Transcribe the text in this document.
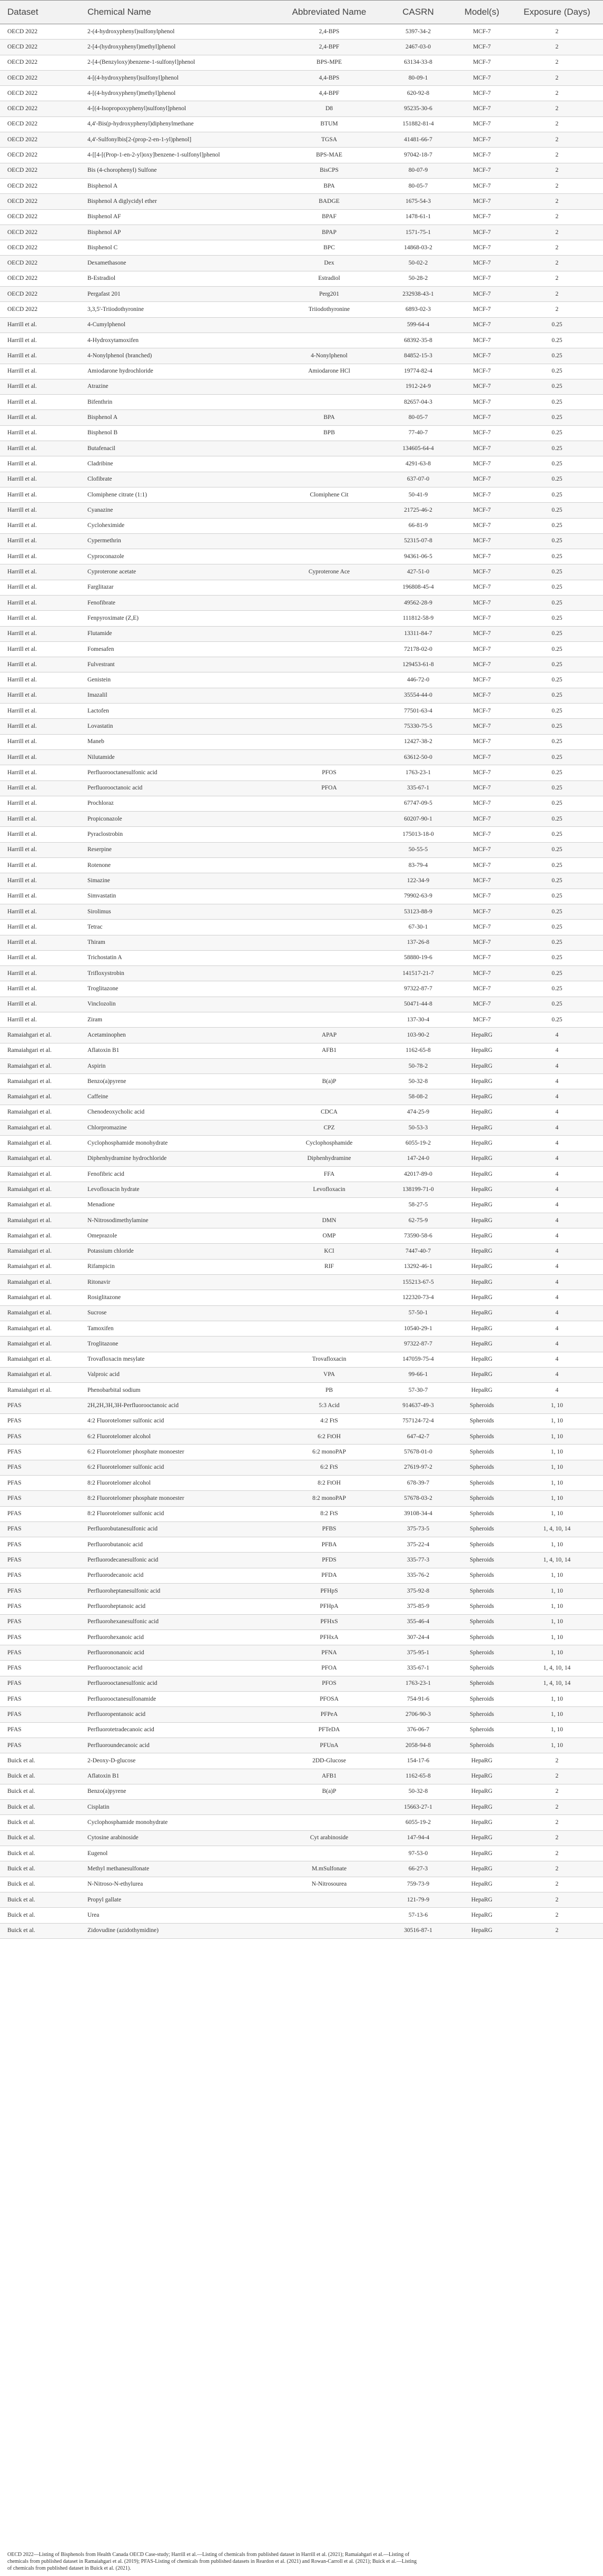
Dataset	Chemical Name	Abbreviated Name	CASRN	Model(s)	Exposure (Days)
OECD 2022	2-(4-hydroxyphenyl)sulfonylphenol	2,4-BPS	5397-34-2	MCF-7	2
OECD 2022	2-[4-(hydroxyphenyl)methyl]phenol	2,4-BPF	2467-03-0	MCF-7	2
OECD 2022	2-[4-(Benzyloxy)benzene-1-sulfonyl]phenol	BPS-MPE	63134-33-8	MCF-7	2
OECD 2022	4-[(4-hydroxyphenyl)sulfonyl]phenol	4,4-BPS	80-09-1	MCF-7	2
OECD 2022	4-[(4-hydroxyphenyl)methyl]phenol	4,4-BPF	620-92-8	MCF-7	2
OECD 2022	4-[(4-Isopropoxyphenyl)sulfonyl]phenol	D8	95235-30-6	MCF-7	2
OECD 2022	4,4'-Bis(p-hydroxyphenyl)diphenylmethane	BTUM	151882-81-4	MCF-7	2
OECD 2022	4,4'-Sulfonylbis[2-(prop-2-en-1-yl)phenol]	TGSA	41481-66-7	MCF-7	2
OECD 2022	4-[[4-[(Prop-1-en-2-yl)oxy]benzene-1-sulfonyl]phenol	BPS-MAE	97042-18-7	MCF-7	2
OECD 2022	Bis (4-chorophenyl) Sulfone	BisCPS	80-07-9	MCF-7	2
OECD 2022	Bisphenol A	BPA	80-05-7	MCF-7	2
OECD 2022	Bisphenol A diglycidyl ether	BADGE	1675-54-3	MCF-7	2
OECD 2022	Bisphenol AF	BPAF	1478-61-1	MCF-7	2
OECD 2022	Bisphenol AP	BPAP	1571-75-1	MCF-7	2
OECD 2022	Bisphenol C	BPC	14868-03-2	MCF-7	2
OECD 2022	Dexamethasone	Dex	50-02-2	MCF-7	2
OECD 2022	B-Estradiol	Estradiol	50-28-2	MCF-7	2
OECD 2022	Pergafast 201	Perg201	232938-43-1	MCF-7	2
OECD 2022	3,3,5'-Triiodothyronine	Triiodothyronine	6893-02-3	MCF-7	2
Harrill et al.	4-Cumylphenol		599-64-4	MCF-7	0.25
Harrill et al.	4-Hydroxytamoxifen		68392-35-8	MCF-7	0.25
Harrill et al.	4-Nonylphenol (branched)	4-Nonylphenol	84852-15-3	MCF-7	0.25
Harrill et al.	Amiodarone hydrochloride	Amiodarone HCl	19774-82-4	MCF-7	0.25
Harrill et al.	Atrazine		1912-24-9	MCF-7	0.25
Harrill et al.	Bifenthrin		82657-04-3	MCF-7	0.25
Harrill et al.	Bisphenol A	BPA	80-05-7	MCF-7	0.25
Harrill et al.	Bisphenol B	BPB	77-40-7	MCF-7	0.25
Harrill et al.	Butafenacil		134605-64-4	MCF-7	0.25
Harrill et al.	Cladribine		4291-63-8	MCF-7	0.25
Harrill et al.	Clofibrate		637-07-0	MCF-7	0.25
Harrill et al.	Clomiphene citrate (1:1)	Clomiphene Cit	50-41-9	MCF-7	0.25
Harrill et al.	Cyanazine		21725-46-2	MCF-7	0.25
Harrill et al.	Cycloheximide		66-81-9	MCF-7	0.25
Harrill et al.	Cypermethrin		52315-07-8	MCF-7	0.25
Harrill et al.	Cyproconazole		94361-06-5	MCF-7	0.25
Harrill et al.	Cyproterone acetate	Cyproterone Ace	427-51-0	MCF-7	0.25
Harrill et al.	Farglitazar		196808-45-4	MCF-7	0.25
Harrill et al.	Fenofibrate		49562-28-9	MCF-7	0.25
Harrill et al.	Fenpyroximate (Z,E)		111812-58-9	MCF-7	0.25
Harrill et al.	Flutamide		13311-84-7	MCF-7	0.25
Harrill et al.	Fomesafen		72178-02-0	MCF-7	0.25
Harrill et al.	Fulvestrant		129453-61-8	MCF-7	0.25
Harrill et al.	Genistein		446-72-0	MCF-7	0.25
Harrill et al.	Imazalil		35554-44-0	MCF-7	0.25
Harrill et al.	Lactofen		77501-63-4	MCF-7	0.25
Harrill et al.	Lovastatin		75330-75-5	MCF-7	0.25
Harrill et al.	Maneb		12427-38-2	MCF-7	0.25
Harrill et al.	Nilutamide		63612-50-0	MCF-7	0.25
Harrill et al.	Perfluorooctanesulfonic acid	PFOS	1763-23-1	MCF-7	0.25
Harrill et al.	Perfluorooctanoic acid	PFOA	335-67-1	MCF-7	0.25
Harrill et al.	Prochloraz		67747-09-5	MCF-7	0.25
Harrill et al.	Propiconazole		60207-90-1	MCF-7	0.25
Harrill et al.	Pyraclostrobin		175013-18-0	MCF-7	0.25
Harrill et al.	Reserpine		50-55-5	MCF-7	0.25
Harrill et al.	Rotenone		83-79-4	MCF-7	0.25
Harrill et al.	Simazine		122-34-9	MCF-7	0.25
Harrill et al.	Simvastatin		79902-63-9	MCF-7	0.25
Harrill et al.	Sirolimus		53123-88-9	MCF-7	0.25
Harrill et al.	Tetrac		67-30-1	MCF-7	0.25
Harrill et al.	Thiram		137-26-8	MCF-7	0.25
Harrill et al.	Trichostatin A		58880-19-6	MCF-7	0.25
Harrill et al.	Trifloxystrobin		141517-21-7	MCF-7	0.25
Harrill et al.	Troglitazone		97322-87-7	MCF-7	0.25
Harrill et al.	Vinclozolin		50471-44-8	MCF-7	0.25
Harrill et al.	Ziram		137-30-4	MCF-7	0.25
Ramaiahgari et al.	Acetaminophen	APAP	103-90-2	HepaRG	4
Ramaiahgari et al.	Aflatoxin B1	AFB1	1162-65-8	HepaRG	4
Ramaiahgari et al.	Aspirin		50-78-2	HepaRG	4
Ramaiahgari et al.	Benzo(a)pyrene	B(a)P	50-32-8	HepaRG	4
Ramaiahgari et al.	Caffeine		58-08-2	HepaRG	4
Ramaiahgari et al.	Chenodeoxycholic acid	CDCA	474-25-9	HepaRG	4
Ramaiahgari et al.	Chlorpromazine	CPZ	50-53-3	HepaRG	4
Ramaiahgari et al.	Cyclophosphamide monohydrate	Cyclophosphamide	6055-19-2	HepaRG	4
Ramaiahgari et al.	Diphenhydramine hydrochloride	Diphenhydramine	147-24-0	HepaRG	4
Ramaiahgari et al.	Fenofibric acid	FFA	42017-89-0	HepaRG	4
Ramaiahgari et al.	Levofloxacin hydrate	Levofloxacin	138199-71-0	HepaRG	4
Ramaiahgari et al.	Menadione		58-27-5	HepaRG	4
Ramaiahgari et al.	N-Nitrosodimethylamine	DMN	62-75-9	HepaRG	4
Ramaiahgari et al.	Omeprazole	OMP	73590-58-6	HepaRG	4
Ramaiahgari et al.	Potassium chloride	KCl	7447-40-7	HepaRG	4
Ramaiahgari et al.	Rifampicin	RIF	13292-46-1	HepaRG	4
Ramaiahgari et al.	Ritonavir		155213-67-5	HepaRG	4
Ramaiahgari et al.	Rosiglitazone		122320-73-4	HepaRG	4
Ramaiahgari et al.	Sucrose		57-50-1	HepaRG	4
Ramaiahgari et al.	Tamoxifen		10540-29-1	HepaRG	4
Ramaiahgari et al.	Troglitazone		97322-87-7	HepaRG	4
Ramaiahgari et al.	Trovafloxacin mesylate	Trovafloxacin	147059-75-4	HepaRG	4
Ramaiahgari et al.	Valproic acid	VPA	99-66-1	HepaRG	4
Ramaiahgari et al.	Phenobarbital sodium	PB	57-30-7	HepaRG	4
PFAS	2H,2H,3H,3H-Perfluorooctanoic acid	5:3 Acid	914637-49-3	Spheroids	1, 10
PFAS	4:2 Fluorotelomer sulfonic acid	4:2 FtS	757124-72-4	Spheroids	1, 10
PFAS	6:2 Fluorotelomer alcohol	6:2 FtOH	647-42-7	Spheroids	1, 10
PFAS	6:2 Fluorotelomer phosphate monoester	6:2 monoPAP	57678-01-0	Spheroids	1, 10
PFAS	6:2 Fluorotelomer sulfonic acid	6:2 FtS	27619-97-2	Spheroids	1, 10
PFAS	8:2 Fluorotelomer alcohol	8:2 FtOH	678-39-7	Spheroids	1, 10
PFAS	8:2 Fluorotelomer phosphate monoester	8:2 monoPAP	57678-03-2	Spheroids	1, 10
PFAS	8:2 Fluorotelomer sulfonic acid	8:2 FtS	39108-34-4	Spheroids	1, 10
PFAS	Perfluorobutanesulfonic acid	PFBS	375-73-5	Spheroids	1, 4, 10, 14
PFAS	Perfluorobutanoic acid	PFBA	375-22-4	Spheroids	1, 10
PFAS	Perfluorodecanesulfonic acid	PFDS	335-77-3	Spheroids	1, 4, 10, 14
PFAS	Perfluorodecanoic acid	PFDA	335-76-2	Spheroids	1, 10
PFAS	Perfluoroheptanesulfonic acid	PFHpS	375-92-8	Spheroids	1, 10
PFAS	Perfluoroheptanoic acid	PFHpA	375-85-9	Spheroids	1, 10
PFAS	Perfluorohexanesulfonic acid	PFHxS	355-46-4	Spheroids	1, 10
PFAS	Perfluorohexanoic acid	PFHxA	307-24-4	Spheroids	1, 10
PFAS	Perfluorononanoic acid	PFNA	375-95-1	Spheroids	1, 10
PFAS	Perfluorooctanoic acid	PFOA	335-67-1	Spheroids	1, 4, 10, 14
PFAS	Perfluorooctanesulfonic acid	PFOS	1763-23-1	Spheroids	1, 4, 10, 14
PFAS	Perfluorooctanesulfonamide	PFOSA	754-91-6	Spheroids	1, 10
PFAS	Perfluoropentanoic acid	PFPeA	2706-90-3	Spheroids	1, 10
PFAS	Perfluorotetradecanoic acid	PFTeDA	376-06-7	Spheroids	1, 10
PFAS	Perfluoroundecanoic acid	PFUnA	2058-94-8	Spheroids	1, 10
Buick et al.	2-Deoxy-D-glucose	2DD-Glucose	154-17-6	HepaRG	2
Buick et al.	Aflatoxin B1	AFB1	1162-65-8	HepaRG	2
Buick et al.	Benzo(a)pyrene	B(a)P	50-32-8	HepaRG	2
Buick et al.	Cisplatin		15663-27-1	HepaRG	2
Buick et al.	Cyclophosphamide monohydrate		6055-19-2	HepaRG	2
Buick et al.	Cytosine arabinoside	Cyt arabinoside	147-94-4	HepaRG	2
Buick et al.	Eugenol		97-53-0	HepaRG	2
Buick et al.	Methyl methanesulfonate	M.mSulfonate	66-27-3	HepaRG	2
Buick et al.	N-Nitroso-N-ethylurea	N-Nitrosourea	759-73-9	HepaRG	2
Buick et al.	Propyl gallate		121-79-9	HepaRG	2
Buick et al.	Urea		57-13-6	HepaRG	2
Buick et al.	Zidovudine (azidothymidine)		30516-87-1	HepaRG	2
OECD 2022—Listing of Bisphenols from Health Canada OECD Case-study; Harrill et al.—Listing of chemicals from published dataset in Harrill et al. (2021); Ramaiahgari et al.—Listing of
chemicals from published dataset in Ramaiahgari et al. (2019); PFAS-Listing of chemicals from published datasets in Reardon et al. (2021) and Rowan-Carroll et al. (2021); Buick et al.—Listing
of chemicals from published dataset in Buick et al. (2021).
